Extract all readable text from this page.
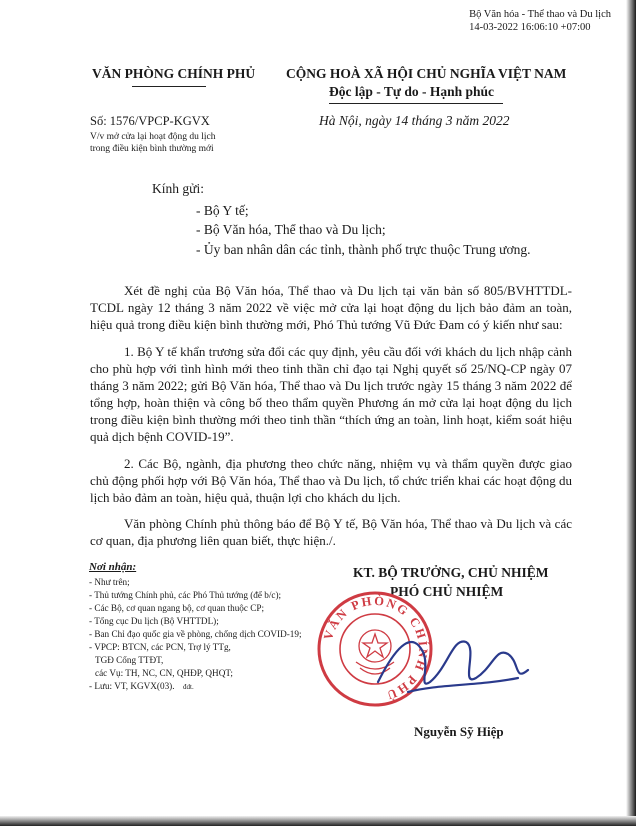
Bộ Văn hóa - Thể thao và Du lịch
14-03-2022 16:06:10 +07:00
VĂN PHÒNG CHÍNH PHỦ CỘNG HOÀ XÃ HỘI CHỦ NGHĨA VIỆT NAM
Độc lập - Tự do - Hạnh phúc
Số: 1576/VPCP-KGVX
V/v mở cửa lại hoạt động du lịch
trong điều kiện bình thường mới
Hà Nội, ngày 14 tháng 3 năm 2022
Kính gửi:
- Bộ Y tế;
- Bộ Văn hóa, Thể thao và Du lịch;
- Ủy ban nhân dân các tỉnh, thành phố trực thuộc Trung ương.

Xét đề nghị của Bộ Văn hóa, Thể thao và Du lịch tại văn bản số 805/BVHTTDL-TCDL ngày 12 tháng 3 năm 2022 về việc mở cửa lại hoạt động du lịch bảo đảm an toàn, hiệu quả trong điều kiện bình thường mới, Phó Thủ tướng Vũ Đức Đam có ý kiến như sau:

1. Bộ Y tế khẩn trương sửa đổi các quy định, yêu cầu đối với khách du lịch nhập cảnh cho phù hợp với tình hình mới theo tinh thần chỉ đạo tại Nghị quyết số 25/NQ-CP ngày 07 tháng 3 năm 2022; gửi Bộ Văn hóa, Thể thao và Du lịch trước ngày 15 tháng 3 năm 2022 để tổng hợp, hoàn thiện và công bố theo thẩm quyền Phương án mở cửa lại hoạt động du lịch trong điều kiện bình thường mới theo tinh thần “thích ứng an toàn, linh hoạt, kiểm soát hiệu quả dịch bệnh COVID-19”.

2. Các Bộ, ngành, địa phương theo chức năng, nhiệm vụ và thẩm quyền được giao chủ động phối hợp với Bộ Văn hóa, Thể thao và Du lịch, tổ chức triển khai các hoạt động du lịch bảo đảm an toàn, hiệu quả, thuận lợi cho khách du lịch.

Văn phòng Chính phủ thông báo để Bộ Y tế, Bộ Văn hóa, Thể thao và Du lịch và các cơ quan, địa phương liên quan biết, thực hiện./.

Nơi nhận:
- Như trên;
- Thủ tướng Chính phủ, các Phó Thủ tướng (để b/c);
- Các Bộ, cơ quan ngang bộ, cơ quan thuộc CP;
- Tổng cục Du lịch (Bộ VHTTDL);
- Ban Chỉ đạo quốc gia về phòng, chống dịch COVID-19;
- VPCP: BTCN, các PCN, Trợ lý TTg,
TGĐ Cổng TTĐT,
các Vụ: TH, NC, CN, QHĐP, QHQT;
- Lưu: VT, KGVX(03). đdt.
KT. BỘ TRƯỞNG, CHỦ NHIỆM
PHÓ CHỦ NHIỆM
VĂN PHÒNG CHÍNH PHỦ
Nguyễn Sỹ Hiệp
